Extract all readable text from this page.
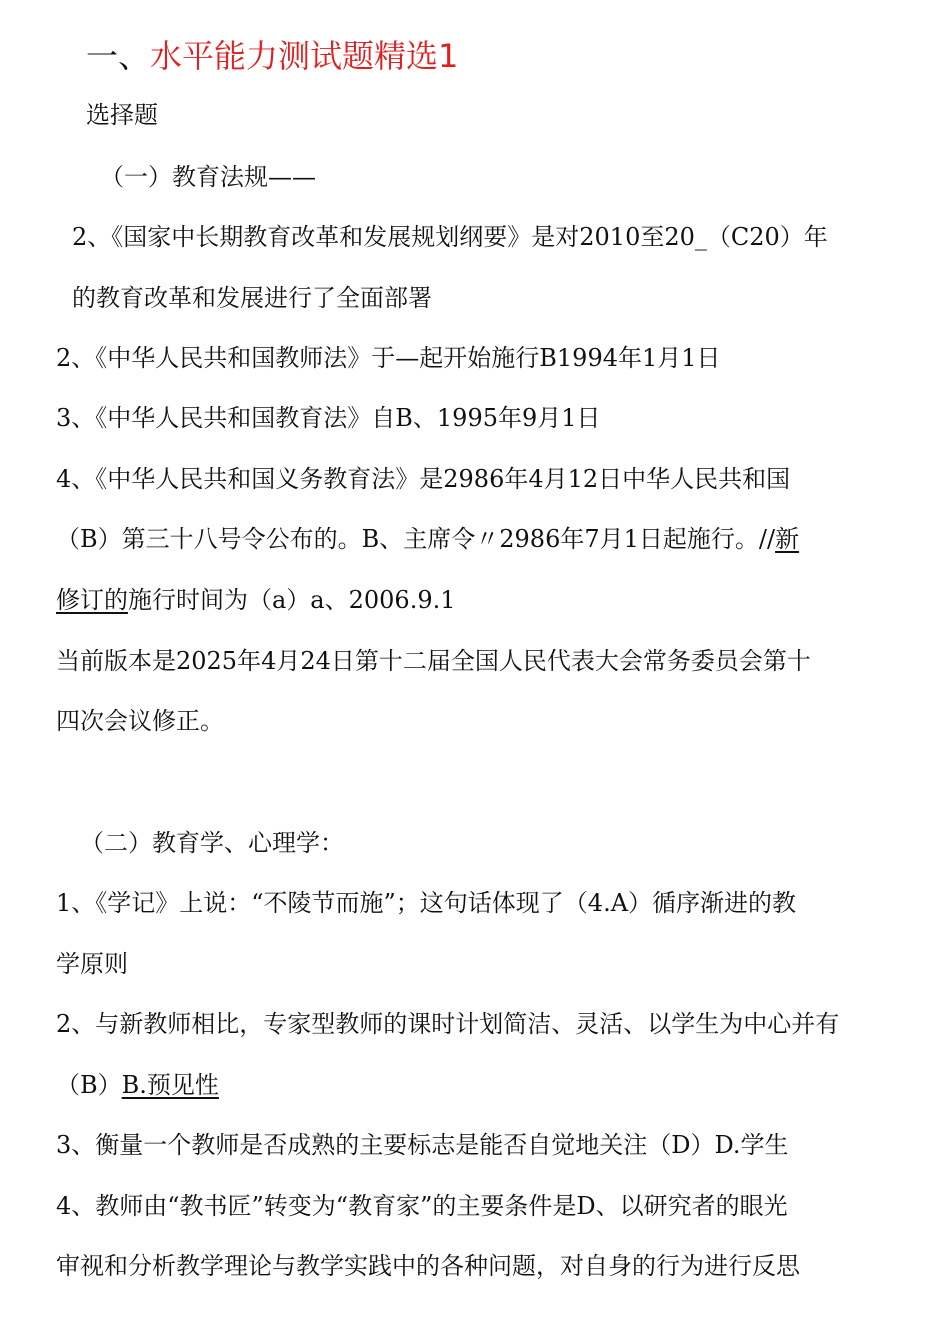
一、水平能力测试题精选1
选择题
（一）教育法规——
2、《国家中长期教育改革和发展规划纲要》是对2010至20_（C20）年
的教育改革和发展进行了全面部署
2、《中华人民共和国教师法》于—起开始施行B1994年1月1日
3、《中华人民共和国教育法》自B、1995年9月1日
4、《中华人民共和国义务教育法》是2986年4月12日中华人民共和国
（B）第三十八号令公布的。B、主席令〃2986年7月1日起施行。//新
修订的施行时间为（a）a、2006.9.1
当前版本是2025年4月24日第十二届全国人民代表大会常务委员会第十
四次会议修正。
（二）教育学、心理学：
1、《学记》上说：“不陵节而施”；这句话体现了（4.A）循序渐进的教
学原则
2、与新教师相比，专家型教师的课时计划简洁、灵活、以学生为中心并有
（B）B.预见性
3、衡量一个教师是否成熟的主要标志是能否自觉地关注（D）D.学生
4、教师由“教书匠”转变为“教育家”的主要条件是D、以研究者的眼光
审视和分析教学理论与教学实践中的各种问题，对自身的行为进行反思
